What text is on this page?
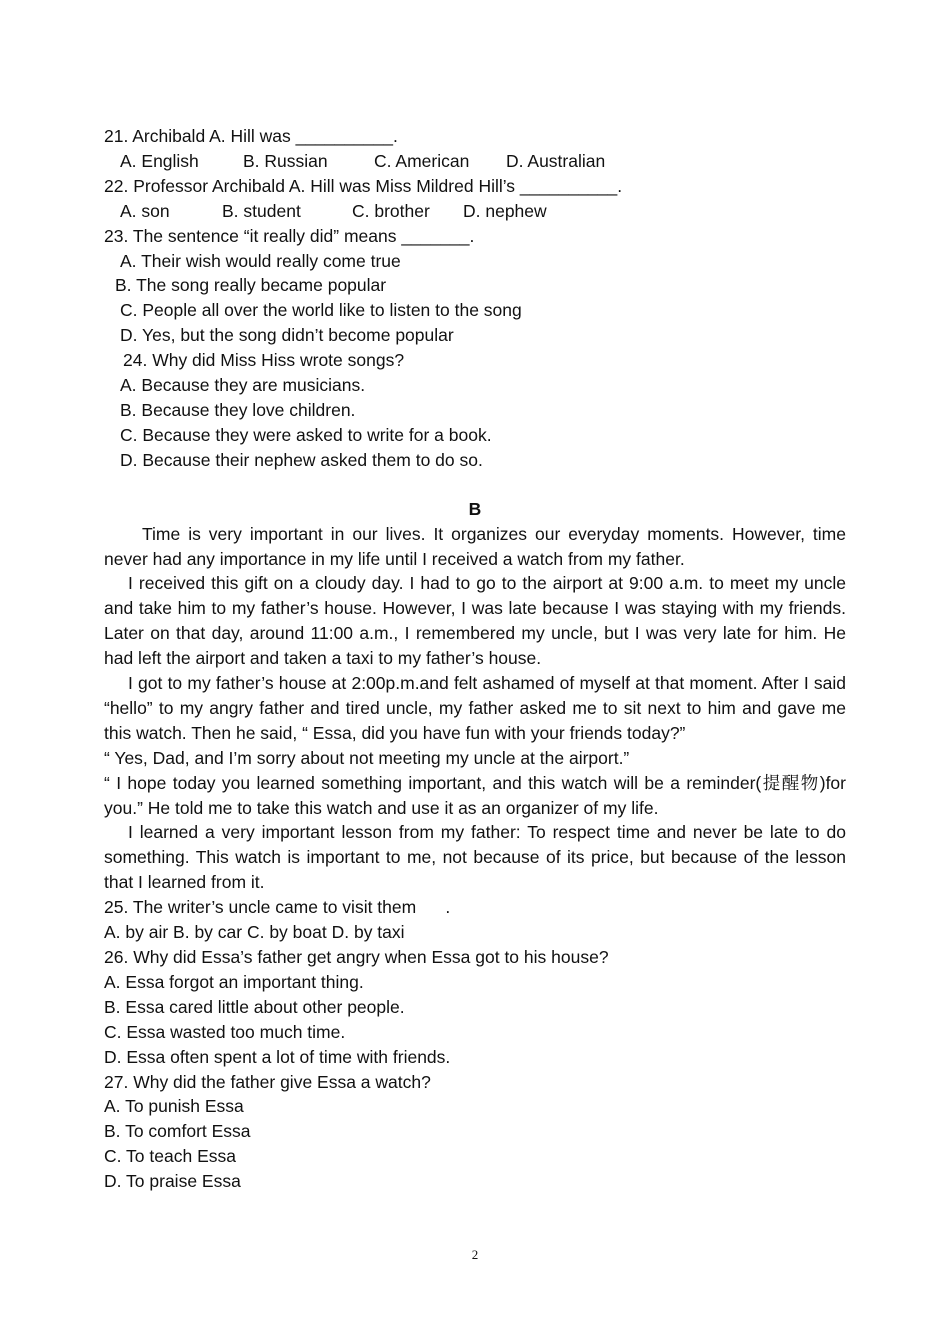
21. Archibald A. Hill was __________.
A. English	B. Russian	C. American	D. Australian
22. Professor Archibald A. Hill was Miss Mildred Hill’s __________.
A. son	B. student	C. brother	D. nephew
23. The sentence “it really did” means _______.
A. Their wish would really come true
B. The song really became popular
C. People all over the world like to listen to the song
D. Yes, but the song didn’t become popular
24. Why did Miss Hiss wrote songs?
A. Because they are musicians.
B. Because they love children.
C. Because they were asked to write for a book.
D. Because their nephew asked them to do so.
B
Time is very important in our lives. It organizes our everyday moments. However, time never had any importance in my life until I received a watch from my father.
I received this gift on a cloudy day. I had to go to the airport at 9:00 a.m. to meet my uncle and take him to my father’s house. However, I was late because I was staying with my friends. Later on that day, around 11:00 a.m., I remembered my uncle, but I was very late for him. He had left the airport and taken a taxi to my father’s house.
I got to my father’s house at 2:00p.m.and felt ashamed of myself at that moment. After I said “hello” to my angry father and tired uncle, my father asked me to sit next to him and gave me this watch. Then he said, “ Essa, did you have fun with your friends today?”
“ Yes, Dad, and I’m sorry about not meeting my uncle at the airport.”
“ I hope today you learned something important, and this watch will be a reminder(提醒物)for you.” He told me to take this watch and use it as an organizer of my life.
I learned a very important lesson from my father: To respect time and never be late to do something. This watch is important to me, not because of its price, but because of the lesson that I learned from it.
25. The writer’s uncle came to visit them      .
A. by air B. by car C. by boat D. by taxi
26. Why did Essa’s father get angry when Essa got to his house?
A. Essa forgot an important thing.
B. Essa cared little about other people.
C. Essa wasted too much time.
D. Essa often spent a lot of time with friends.
27. Why did the father give Essa a watch?
A. To punish Essa
B. To comfort Essa
C. To teach Essa
D. To praise Essa
2
